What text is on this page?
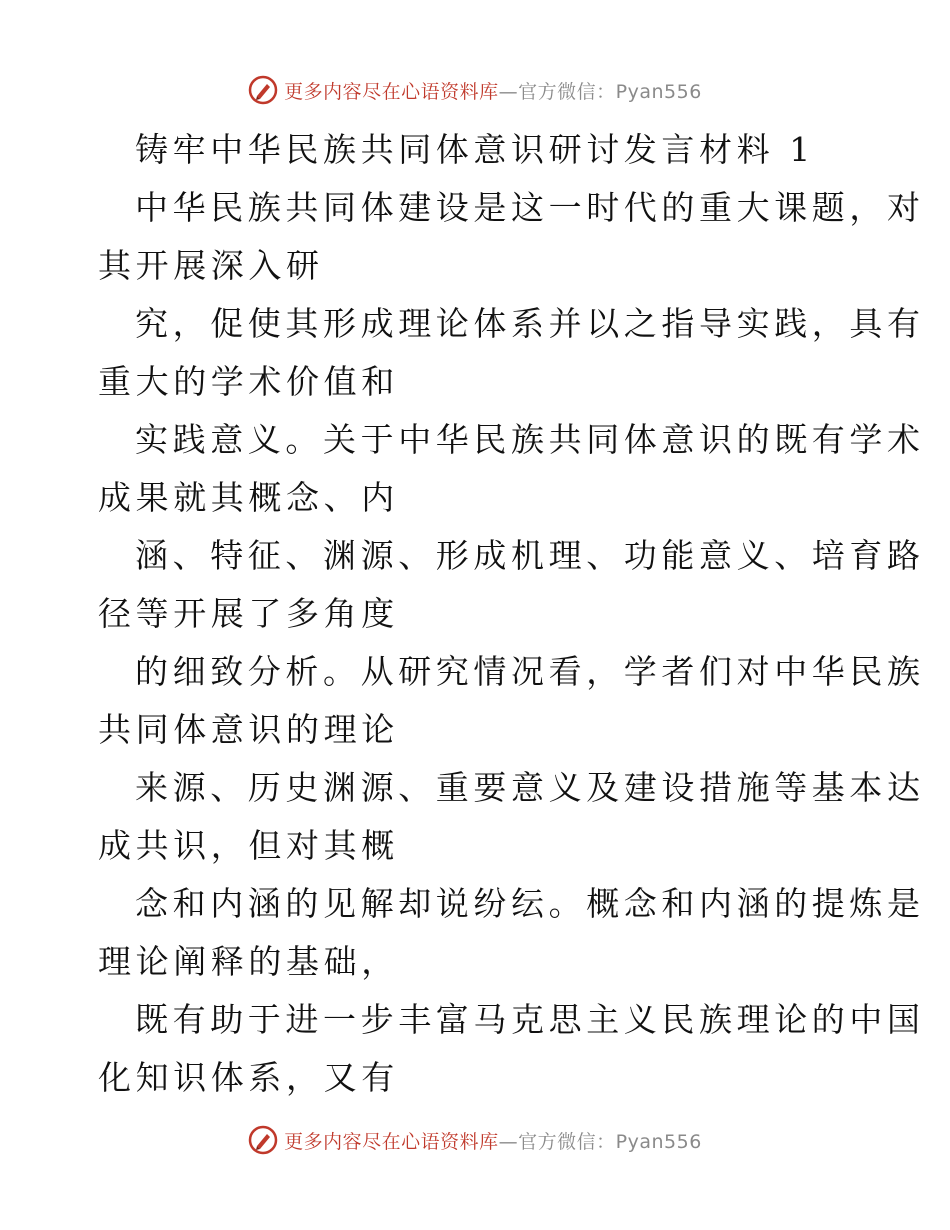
更多内容尽在心语资料库—官方微信：Pyan556
铸牢中华民族共同体意识研讨发言材料 1
中华民族共同体建设是这一时代的重大课题，对
其开展深入研
究，促使其形成理论体系并以之指导实践，具有
重大的学术价值和
实践意义。关于中华民族共同体意识的既有学术
成果就其概念、内
涵、特征、渊源、形成机理、功能意义、培育路
径等开展了多角度
的细致分析。从研究情况看，学者们对中华民族
共同体意识的理论
来源、历史渊源、重要意义及建设措施等基本达
成共识，但对其概
念和内涵的见解却说纷纭。概念和内涵的提炼是
理论阐释的基础，
既有助于进一步丰富马克思主义民族理论的中国
化知识体系，又有
更多内容尽在心语资料库—官方微信：Pyan556
